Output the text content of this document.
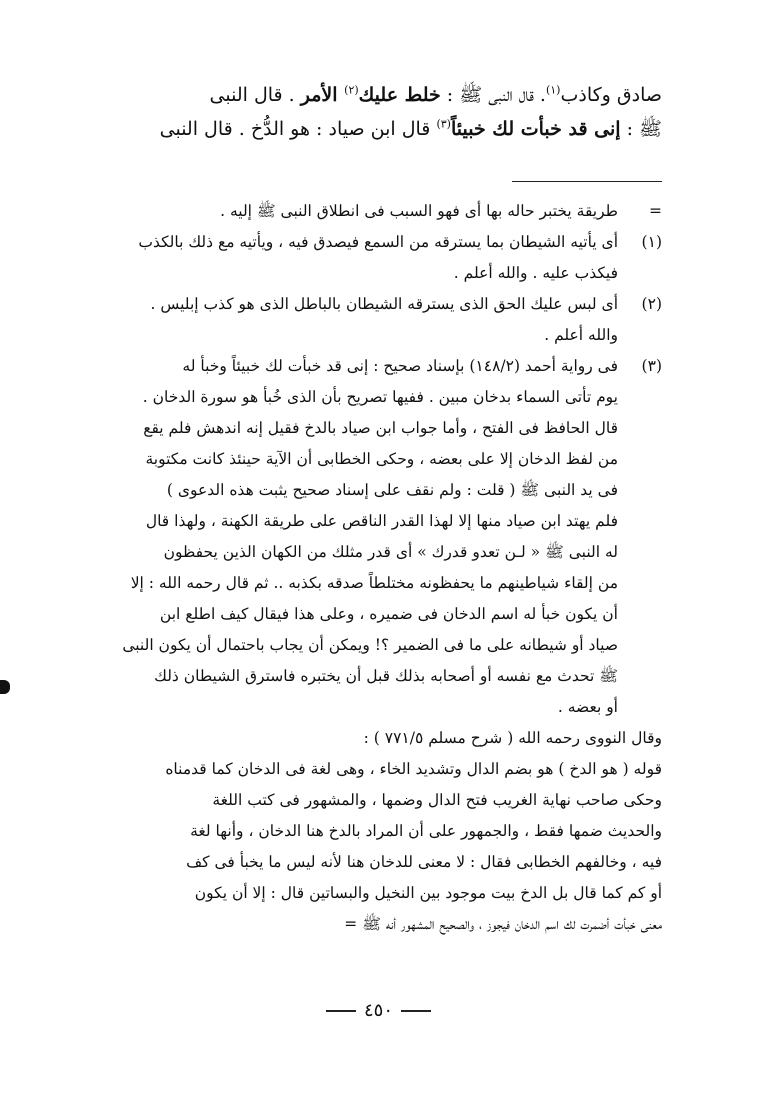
صادق وكاذب$^{(١)}$. قال النبى ﷺ : خلط عليك$^{(٢)}$ الأمر . قال النبى
ﷺ : إنى قد خبأت لك خبيئاً$^{(٣)}$ قال ابن صياد : هو الدُّخ . قال النبى
=
طريقة يختبر حاله بها أى فهو السبب فى انطلاق النبى ﷺ إليه .
(١)
أى يأتيه الشيطان بما يسترقه من السمع فيصدق فيه ، ويأتيه مع ذلك بالكذب
فيكذب عليه . والله أعلم .
(٢)
أى لبس عليك الحق الذى يسترقه الشيطان بالباطل الذى هو كذب إبليس .
والله أعلم .
(٣)
فى رواية أحمد (١٤٨/٢) بإسناد صحيح : إنى قد خبأت لك خبيئاً وخبأ له
يوم تأتى السماء بدخان مبين . ففيها تصريح بأن الذى خُبأ هو سورة الدخان .
قال الحافظ فى الفتح ، وأما جواب ابن صياد بالدخ فقيل إنه اندهش فلم يقع
من لفظ الدخان إلا على بعضه ، وحكى الخطابى أن الآية حينئذ كانت مكتوبة
فى يد النبى ﷺ ( قلت : ولم نقف على إسناد صحيح يثبت هذه الدعوى )
فلم يهتد ابن صياد منها إلا لهذا القدر الناقص على طريقة الكهنة ، ولهذا قال
له النبى ﷺ « لـن تعدو قدرك » أى قدر مثلك من الكهان الذين يحفظون
من إلقاء شياطينهم ما يحفظونه مختلطاً صدقه بكذبه .. ثم قال رحمه الله : إلا
أن يكون خبأ له اسم الدخان فى ضميره ، وعلى هذا فيقال كيف اطلع ابن
صياد أو شيطانه على ما فى الضمير ؟! ويمكن أن يجاب باحتمال أن يكون النبى
ﷺ تحدث مع نفسه أو أصحابه بذلك قبل أن يختبره فاسترق الشيطان ذلك
أو بعضه .
وقال النووى رحمه الله ( شرح مسلم ٧٧١/٥ ) :
قوله ( هو الدخ ) هو بضم الدال وتشديد الخاء ، وهى لغة فى الدخان كما قدمناه
وحكى صاحب نهاية الغريب فتح الدال وضمها ، والمشهور فى كتب اللغة
والحديث ضمها فقط ، والجمهور على أن المراد بالدخ هنا الدخان ، وأنها لغة
فيه ، وخالفهم الخطابى فقال : لا معنى للدخان هنا لأنه ليس ما يخبأ فى كف
أو كم كما قال بل الدخ بيت موجود بين النخيل والبساتين قال : إلا أن يكون
معنى خبأت أضمرت لك اسم الدخان فيجوز ، والصحيح المشهور أنه ﷺ =
٤٥٠
